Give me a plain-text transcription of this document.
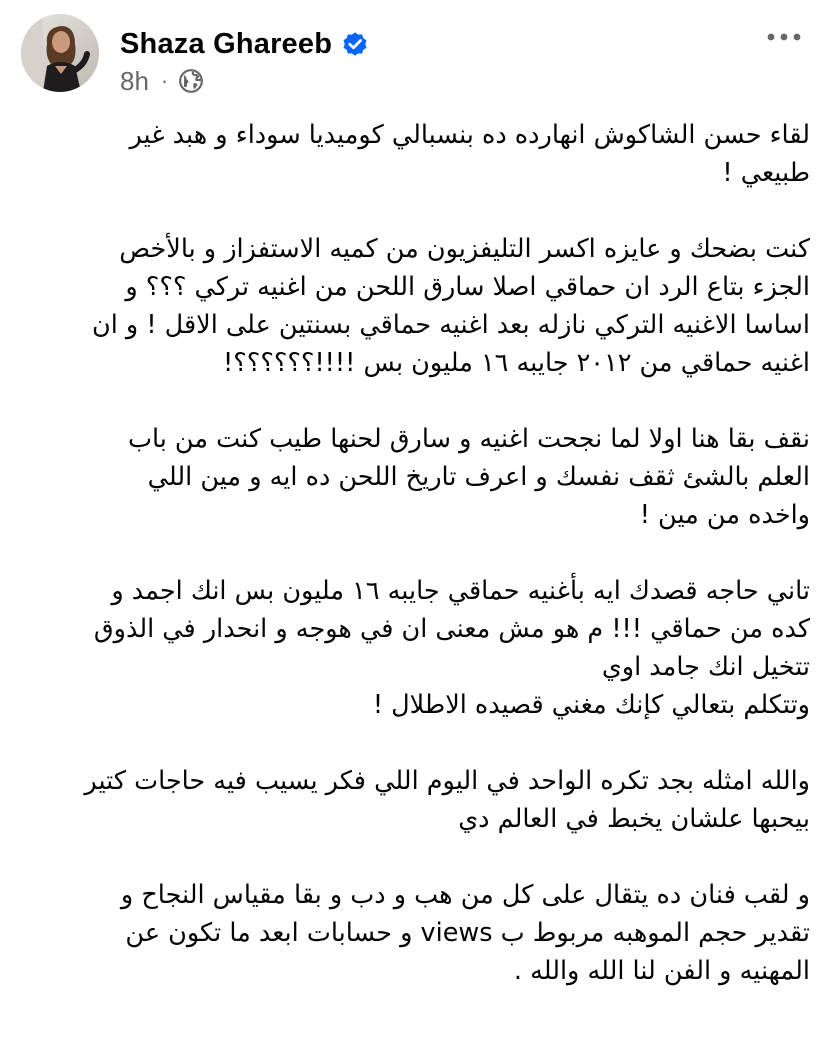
Shaza Ghareeb
8h ·

لقاء حسن الشاكوش انهارده ده بنسبالي كوميديا سوداء و هبد غير
طبيعي !

كنت بضحك و عايزه اكسر التليفزيون من كميه الاستفزاز و بالأخص
الجزء بتاع الرد ان حماقي اصلا سارق اللحن من اغنيه تركي ؟؟؟ و
اساسا الاغنيه التركي نازله بعد اغنيه حماقي بسنتين على الاقل ! و ان
اغنيه حماقي من ٢٠١٢ جايبه ١٦ مليون بس !!!!؟؟؟؟؟؟!

نقف بقا هنا اولا لما نجحت اغنيه و سارق لحنها طيب كنت من باب
العلم بالشئ ثقف نفسك و اعرف تاريخ اللحن ده ايه و مين اللي
واخده من مين !

تاني حاجه قصدك ايه بأغنيه حماقي جايبه ١٦ مليون بس انك اجمد و
كده من حماقي !!! م هو مش معنى ان في هوجه و انحدار في الذوق
تتخيل انك جامد اوي
وتتكلم بتعالي كإنك مغني قصيده الاطلال !

والله امثله بجد تكره الواحد في اليوم اللي فكر يسيب فيه حاجات كتير
بيحبها علشان يخبط في العالم دي

و لقب فنان ده يتقال على كل من هب و دب و بقا مقياس النجاح و
تقدير حجم الموهبه مربوط ب views و حسابات ابعد ما تكون عن
المهنيه و الفن لنا الله والله .
